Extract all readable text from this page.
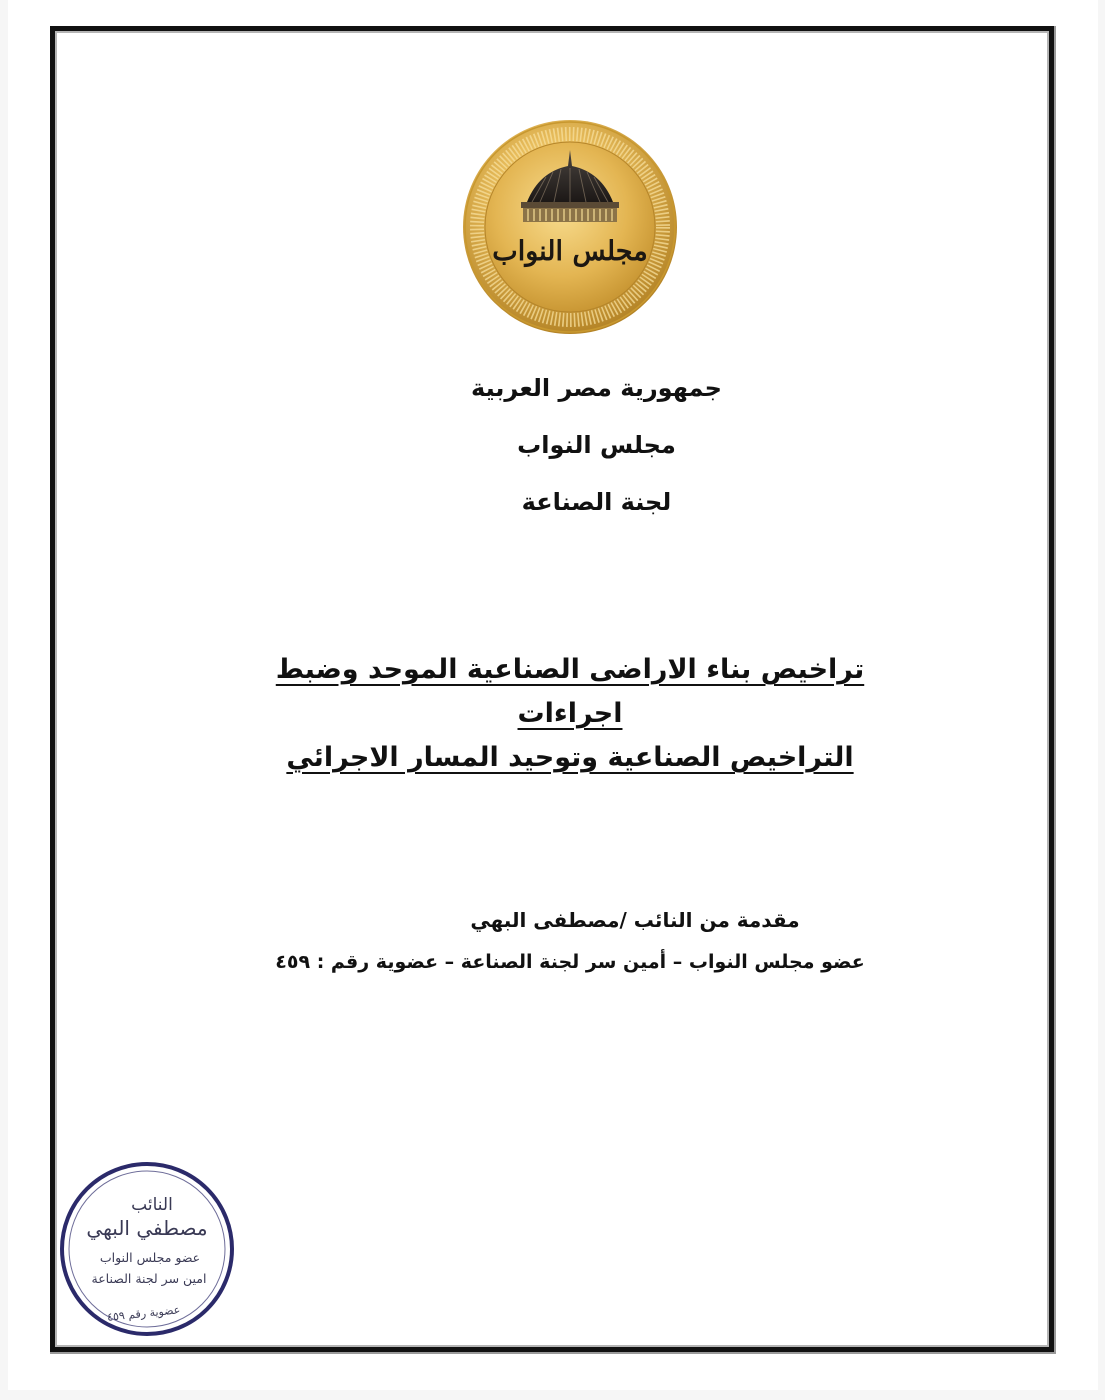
مجلس النواب
جمهورية مصر العربية
مجلس النواب
لجنة الصناعة
تراخيص بناء الاراضى الصناعية الموحد وضبط اجراءات
التراخيص الصناعية وتوحيد المسار الاجرائي
مقدمة من النائب /مصطفى البهي
عضو مجلس النواب – أمين سر لجنة الصناعة – عضوية رقم : ٤٥٩
النائب
مصطفي البهي
عضو مجلس النواب
امين سر لجنة الصناعة
عضوية رقم ٤٥٩
